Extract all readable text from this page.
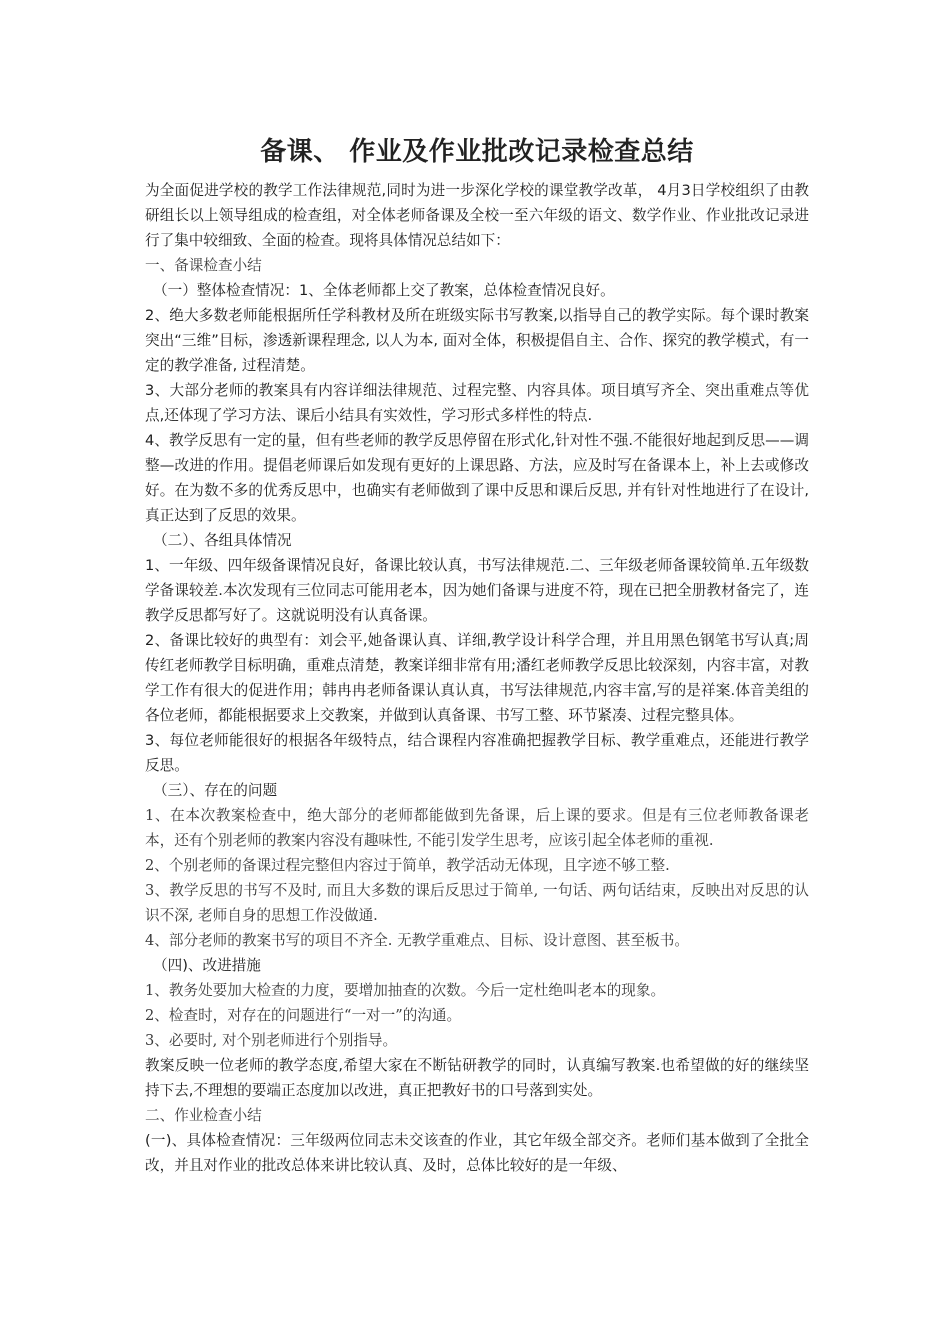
备课、 作业及作业批改记录检查总结

为全面促进学校的教学工作法律规范,同时为进一步深化学校的课堂教学改革， 4月3日学校组织了由教研组长以上领导组成的检查组，对全体老师备课及全校一至六年级的语文、数学作业、作业批改记录进行了集中较细致、全面的检查。现将具体情况总结如下：

一、备课检查小结

（一）整体检查情况：1、全体老师都上交了教案，总体检查情况良好。

2、绝大多数老师能根据所任学科教材及所在班级实际书写教案,以指导自己的教学实际。每个课时教案突出“三维”目标，渗透新课程理念, 以人为本, 面对全体，积极提倡自主、合作、探究的教学模式，有一定的教学准备, 过程清楚。

3、大部分老师的教案具有内容详细法律规范、过程完整、内容具体。项目填写齐全、突出重难点等优点,还体现了学习方法、课后小结具有实效性，学习形式多样性的特点.

4、教学反思有一定的量，但有些老师的教学反思停留在形式化,针对性不强.不能很好地起到反思——调整—改进的作用。提倡老师课后如发现有更好的上课思路、方法，应及时写在备课本上，补上去或修改好。在为数不多的优秀反思中，也确实有老师做到了课中反思和课后反思, 并有针对性地进行了在设计, 真正达到了反思的效果。

（二）、各组具体情况

1、一年级、四年级备课情况良好，备课比较认真，书写法律规范.二、三年级老师备课较简单.五年级数学备课较差.本次发现有三位同志可能用老本，因为她们备课与进度不符，现在已把全册教材备完了，连教学反思都写好了。这就说明没有认真备课。

2、备课比较好的典型有：刘会平,她备课认真、详细,教学设计科学合理，并且用黑色钢笔书写认真;周传红老师教学目标明确，重难点清楚，教案详细非常有用;潘红老师教学反思比较深刻，内容丰富，对教学工作有很大的促进作用；韩冉冉老师备课认真认真，书写法律规范,内容丰富,写的是祥案.体音美组的各位老师，都能根据要求上交教案，并做到认真备课、书写工整、环节紧凑、过程完整具体。

3、每位老师能很好的根据各年级特点，结合课程内容准确把握教学目标、教学重难点，还能进行教学反思。

（三）、存在的问题

1、在本次教案检查中，绝大部分的老师都能做到先备课，后上课的要求。但是有三位老师教备课老本，还有个别老师的教案内容没有趣味性, 不能引发学生思考，应该引起全体老师的重视.

2、个别老师的备课过程完整但内容过于简单，教学活动无体现，且字迹不够工整.

3、教学反思的书写不及时, 而且大多数的课后反思过于简单, 一句话、两句话结束，反映出对反思的认识不深, 老师自身的思想工作没做通.

4、部分老师的教案书写的项目不齐全. 无教学重难点、目标、设计意图、甚至板书。

（四)、改进措施

1、教务处要加大检查的力度，要增加抽查的次数。今后一定杜绝叫老本的现象。

2、检查时，对存在的问题进行“一对一”的沟通。

3、必要时, 对个别老师进行个别指导。

教案反映一位老师的教学态度,希望大家在不断钻研教学的同时，认真编写教案.也希望做的好的继续坚持下去,不理想的要端正态度加以改进，真正把教好书的口号落到实处。

二、作业检查小结

(一)、具体检查情况：三年级两位同志未交该查的作业，其它年级全部交齐。老师们基本做到了全批全改，并且对作业的批改总体来讲比较认真、及时，总体比较好的是一年级、
